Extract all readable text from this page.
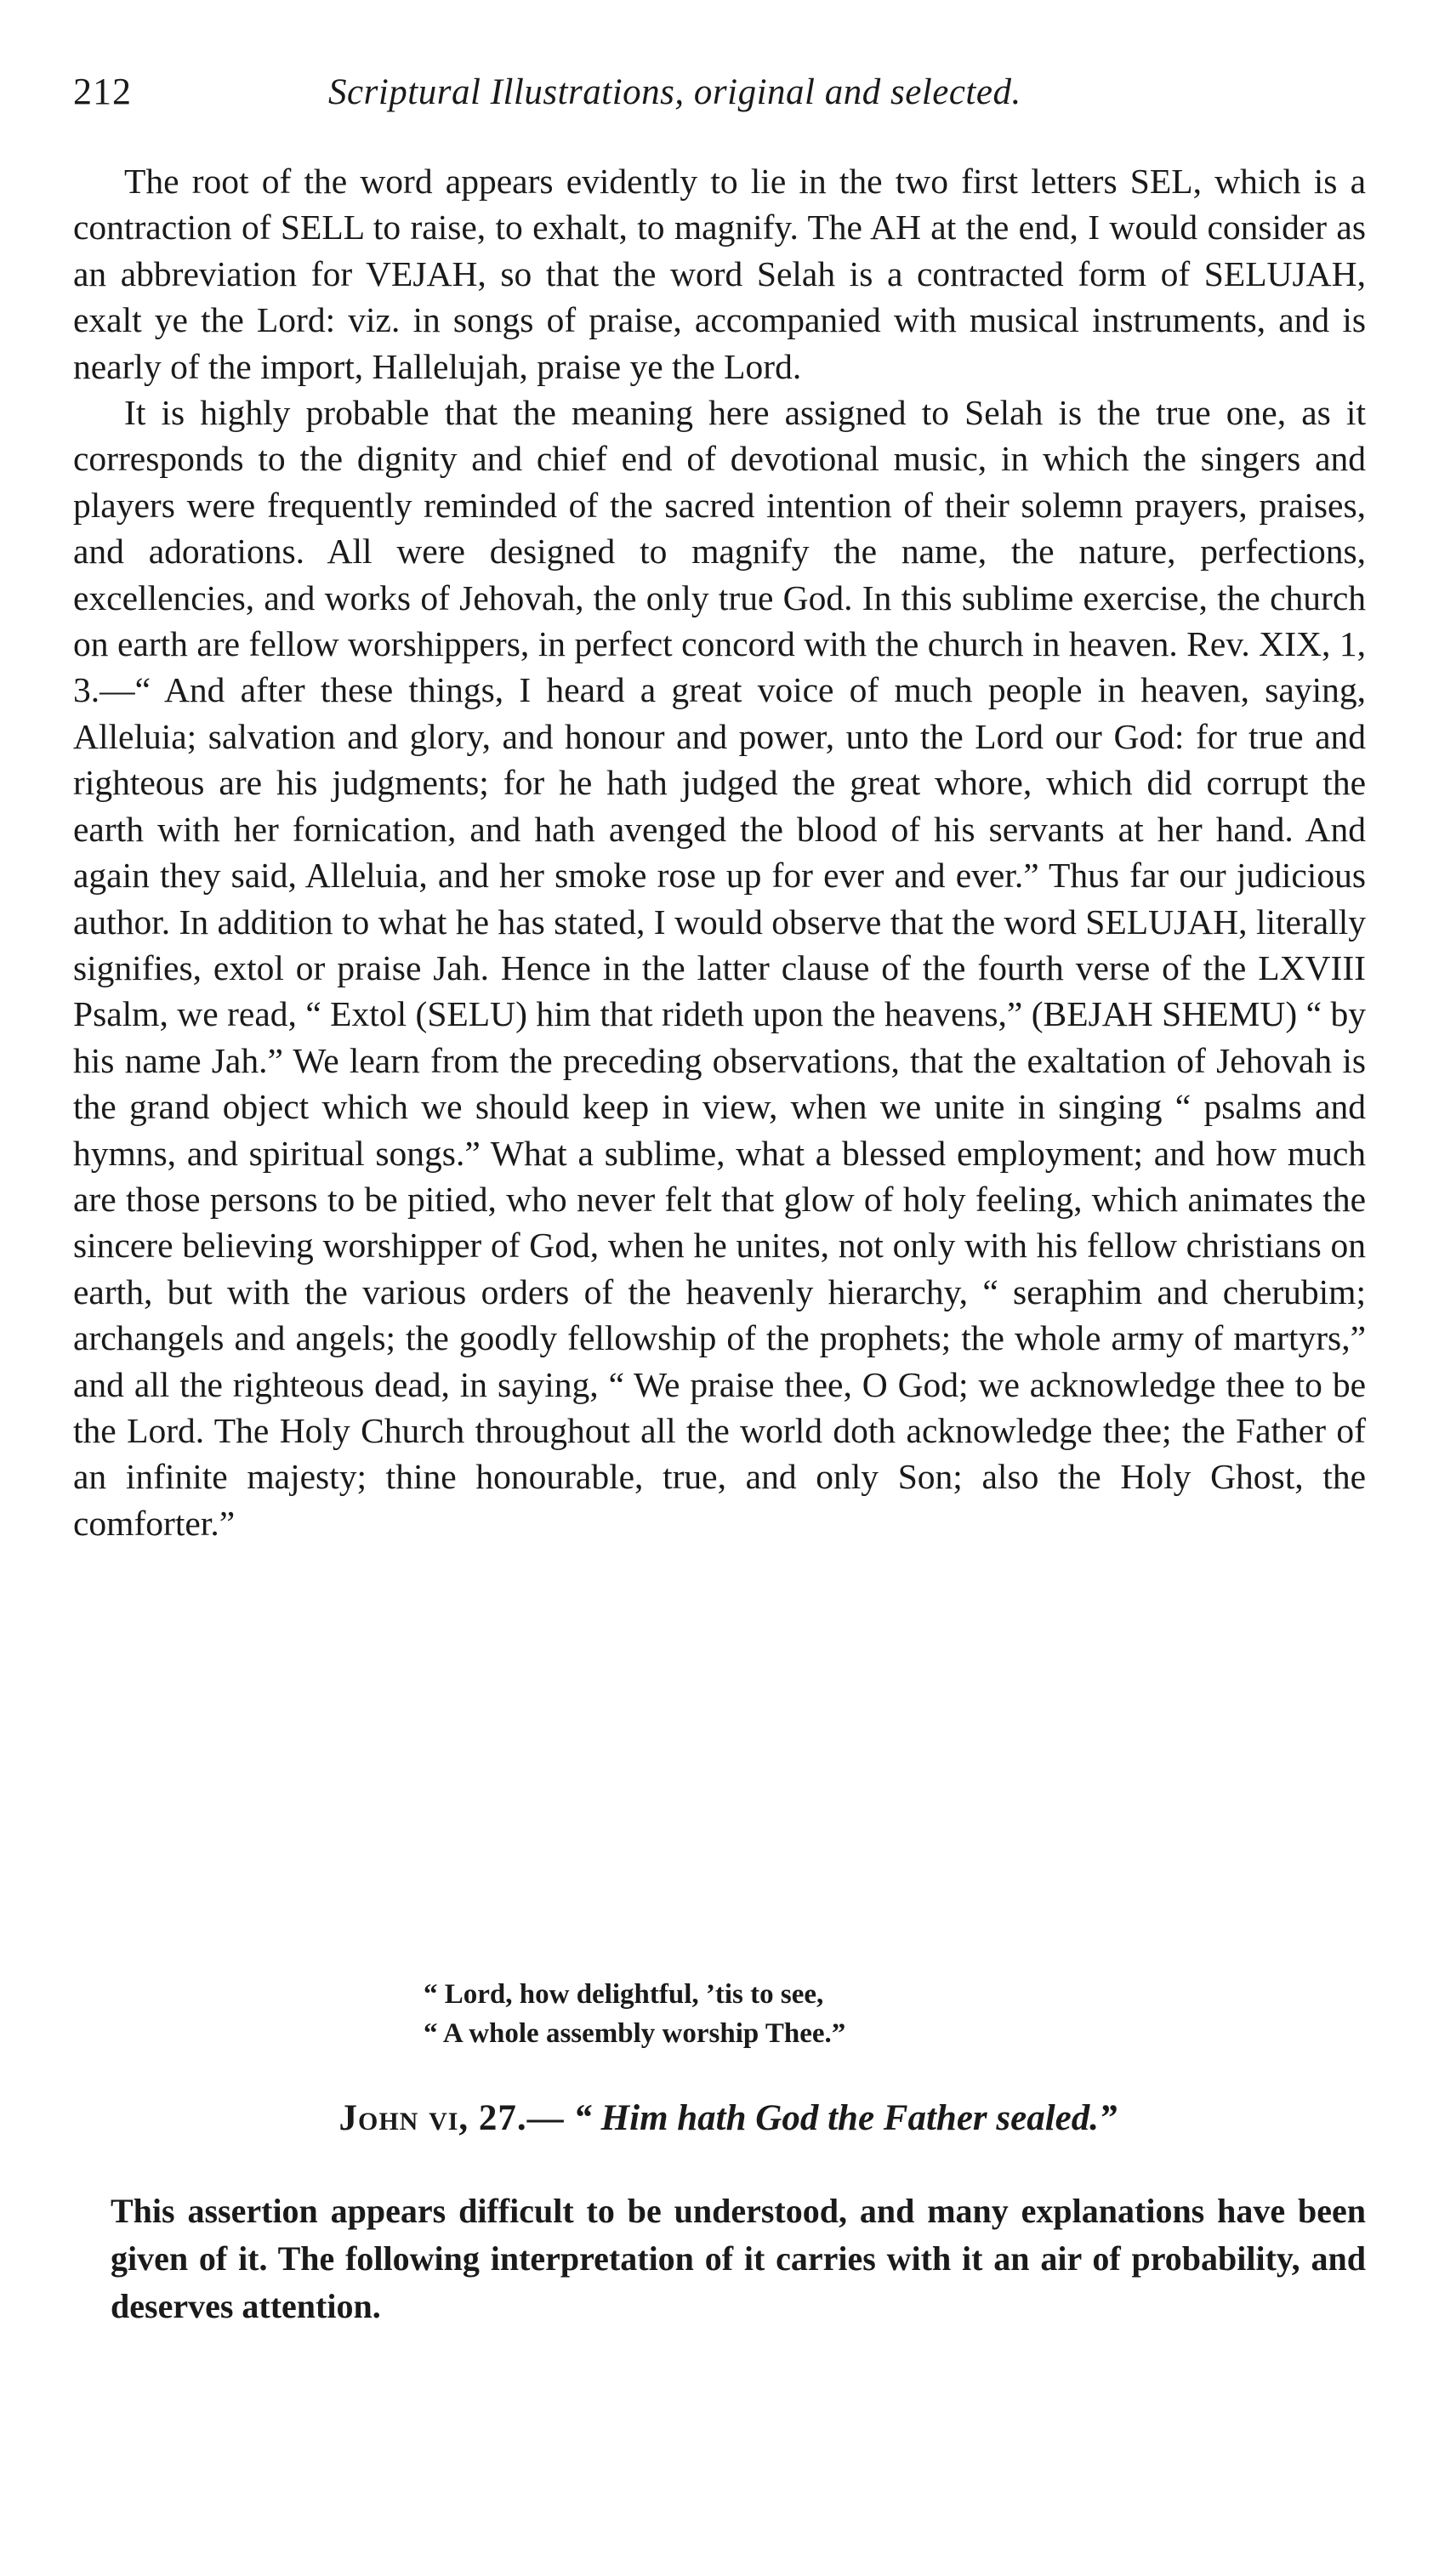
212	Scriptural Illustrations, original and selected.

The root of the word appears evidently to lie in the two first letters SEL, which is a contraction of SELL to raise, to exhalt, to magnify. The AH at the end, I would consider as an abbreviation for VEJAH, so that the word Selah is a contracted form of SELUJAH, exalt ye the Lord: viz. in songs of praise, accompanied with musical instruments, and is nearly of the import, Hallelujah, praise ye the Lord.

It is highly probable that the meaning here assigned to Selah is the true one, as it corresponds to the dignity and chief end of devotional music, in which the singers and players were frequently reminded of the sacred intention of their solemn prayers, praises, and adorations. All were designed to magnify the name, the nature, perfections, excellencies, and works of Jehovah, the only true God. In this sublime exercise, the church on earth are fellow worshippers, in perfect concord with the church in heaven. Rev. XIX, 1, 3.—“ And after these things, I heard a great voice of much people in heaven, saying, Alleluia; salvation and glory, and honour and power, unto the Lord our God: for true and righteous are his judgments; for he hath judged the great whore, which did corrupt the earth with her fornication, and hath avenged the blood of his servants at her hand. And again they said, Alleluia, and her smoke rose up for ever and ever.” Thus far our judicious author. In addition to what he has stated, I would observe that the word SELUJAH, literally signifies, extol or praise Jah. Hence in the latter clause of the fourth verse of the LXVIII Psalm, we read, “ Extol (SELU) him that rideth upon the heavens,” (BEJAH SHEMU) “ by his name Jah.” We learn from the preceding observations, that the exaltation of Jehovah is the grand object which we should keep in view, when we unite in singing “ psalms and hymns, and spiritual songs.” What a sublime, what a blessed employment; and how much are those persons to be pitied, who never felt that glow of holy feeling, which animates the sincere believing worshipper of God, when he unites, not only with his fellow christians on earth, but with the various orders of the heavenly hierarchy, “ seraphim and cherubim; archangels and angels; the goodly fellowship of the prophets; the whole army of martyrs,” and all the righteous dead, in saying, “ We praise thee, O God; we acknowledge thee to be the Lord. The Holy Church throughout all the world doth acknowledge thee; the Father of an infinite majesty; thine honourable, true, and only Son; also the Holy Ghost, the comforter.”

“ Lord, how delightful, ’tis to see,
“ A whole assembly worship Thee.”
John vi, 27.— “ Him hath God the Father sealed.”
This assertion appears difficult to be understood, and many explanations have been given of it. The following interpretation of it carries with it an air of probability, and deserves attention.
